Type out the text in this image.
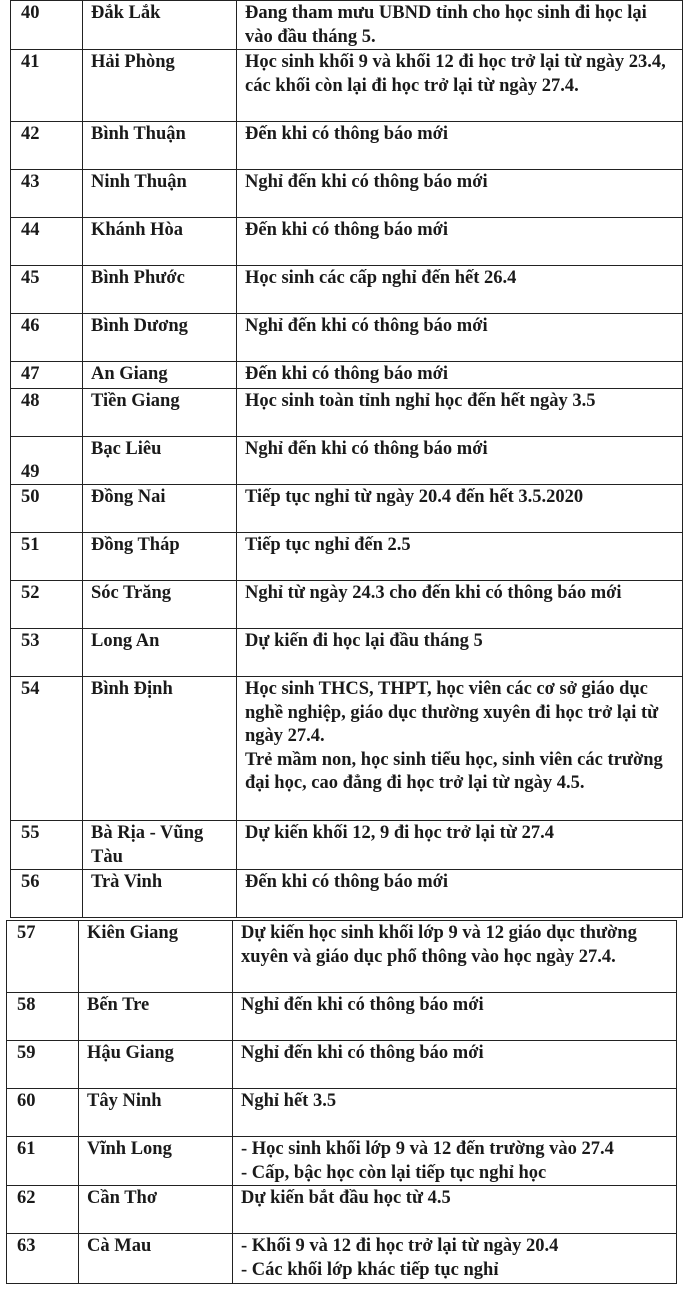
40	Đắk Lắk	Đang tham mưu UBND tỉnh cho học sinh đi học lại vào đầu tháng 5.
41	Hải Phòng	Học sinh khối 9 và khối 12 đi học trở lại từ ngày 23.4, các khối còn lại đi học trở lại từ ngày 27.4.
42	Bình Thuận	Đến khi có thông báo mới
43	Ninh Thuận	Nghỉ đến khi có thông báo mới
44	Khánh Hòa	Đến khi có thông báo mới
45	Bình Phước	Học sinh các cấp nghỉ đến hết 26.4
46	Bình Dương	Nghỉ đến khi có thông báo mới
47	An Giang	Đến khi có thông báo mới
48	Tiền Giang	Học sinh toàn tỉnh nghỉ học đến hết ngày 3.5
49	Bạc Liêu	Nghỉ đến khi có thông báo mới
50	Đồng Nai	Tiếp tục nghỉ từ ngày 20.4 đến hết 3.5.2020
51	Đồng Tháp	Tiếp tục nghỉ đến 2.5
52	Sóc Trăng	Nghỉ từ ngày 24.3 cho đến khi có thông báo mới
53	Long An	Dự kiến đi học lại đầu tháng 5
54	Bình Định	Học sinh THCS, THPT, học viên các cơ sở giáo dục nghề nghiệp, giáo dục thường xuyên đi học trở lại từ ngày 27.4.
Trẻ mầm non, học sinh tiểu học, sinh viên các trường đại học, cao đẳng đi học trở lại từ ngày 4.5.
55	Bà Rịa - Vũng Tàu	Dự kiến khối 12, 9 đi học trở lại từ 27.4
56	Trà Vinh	Đến khi có thông báo mới
57	Kiên Giang	Dự kiến học sinh khối lớp 9 và 12 giáo dục thường xuyên và giáo dục phổ thông vào học ngày 27.4.
58	Bến Tre	Nghỉ đến khi có thông báo mới
59	Hậu Giang	Nghỉ đến khi có thông báo mới
60	Tây Ninh	Nghỉ hết 3.5
61	Vĩnh Long	- Học sinh khối lớp 9 và 12 đến trường vào 27.4
- Cấp, bậc học còn lại tiếp tục nghỉ học
62	Cần Thơ	Dự kiến bắt đầu học từ 4.5
63	Cà Mau	- Khối 9 và 12 đi học trở lại từ ngày 20.4
- Các khối lớp khác tiếp tục nghỉ
